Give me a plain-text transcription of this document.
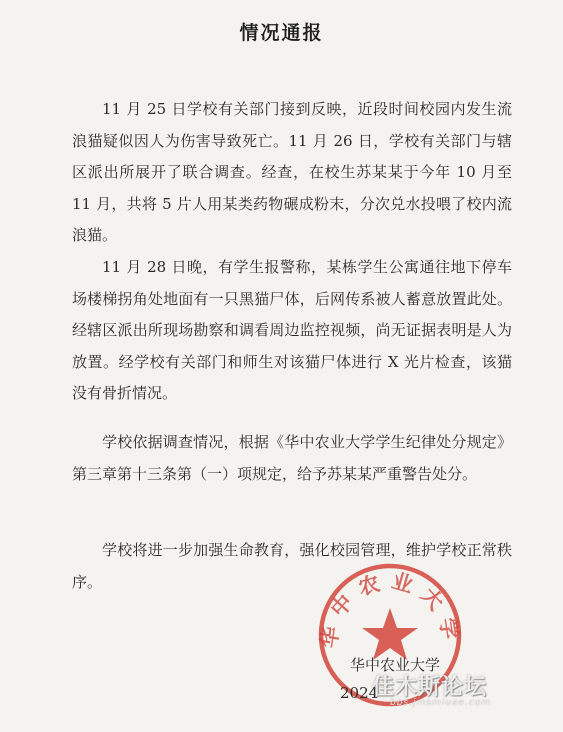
情况通报
11 月 25 日学校有关部门接到反映，近段时间校园内发生流浪猫疑似因人为伤害导致死亡。11 月 26 日，学校有关部门与辖区派出所展开了联合调查。经查，在校生苏某某于今年 10 月至 11 月，共将 5 片人用某类药物碾成粉末，分次兑水投喂了校内流浪猫。
11 月 28 日晚，有学生报警称，某栋学生公寓通往地下停车场楼梯拐角处地面有一只黑猫尸体，后网传系被人蓄意放置此处。经辖区派出所现场勘察和调看周边监控视频，尚无证据表明是人为放置。经学校有关部门和师生对该猫尸体进行 X 光片检查，该猫没有骨折情况。
学校依据调查情况，根据《华中农业大学学生纪律处分规定》第三章第十三条第（一）项规定，给予苏某某严重警告处分。
学校将进一步加强生命教育，强化校园管理，维护学校正常秩序。
华中农业大学
华中农业大学
2024
佳木斯论坛
bbs.jmsmiuae.com
